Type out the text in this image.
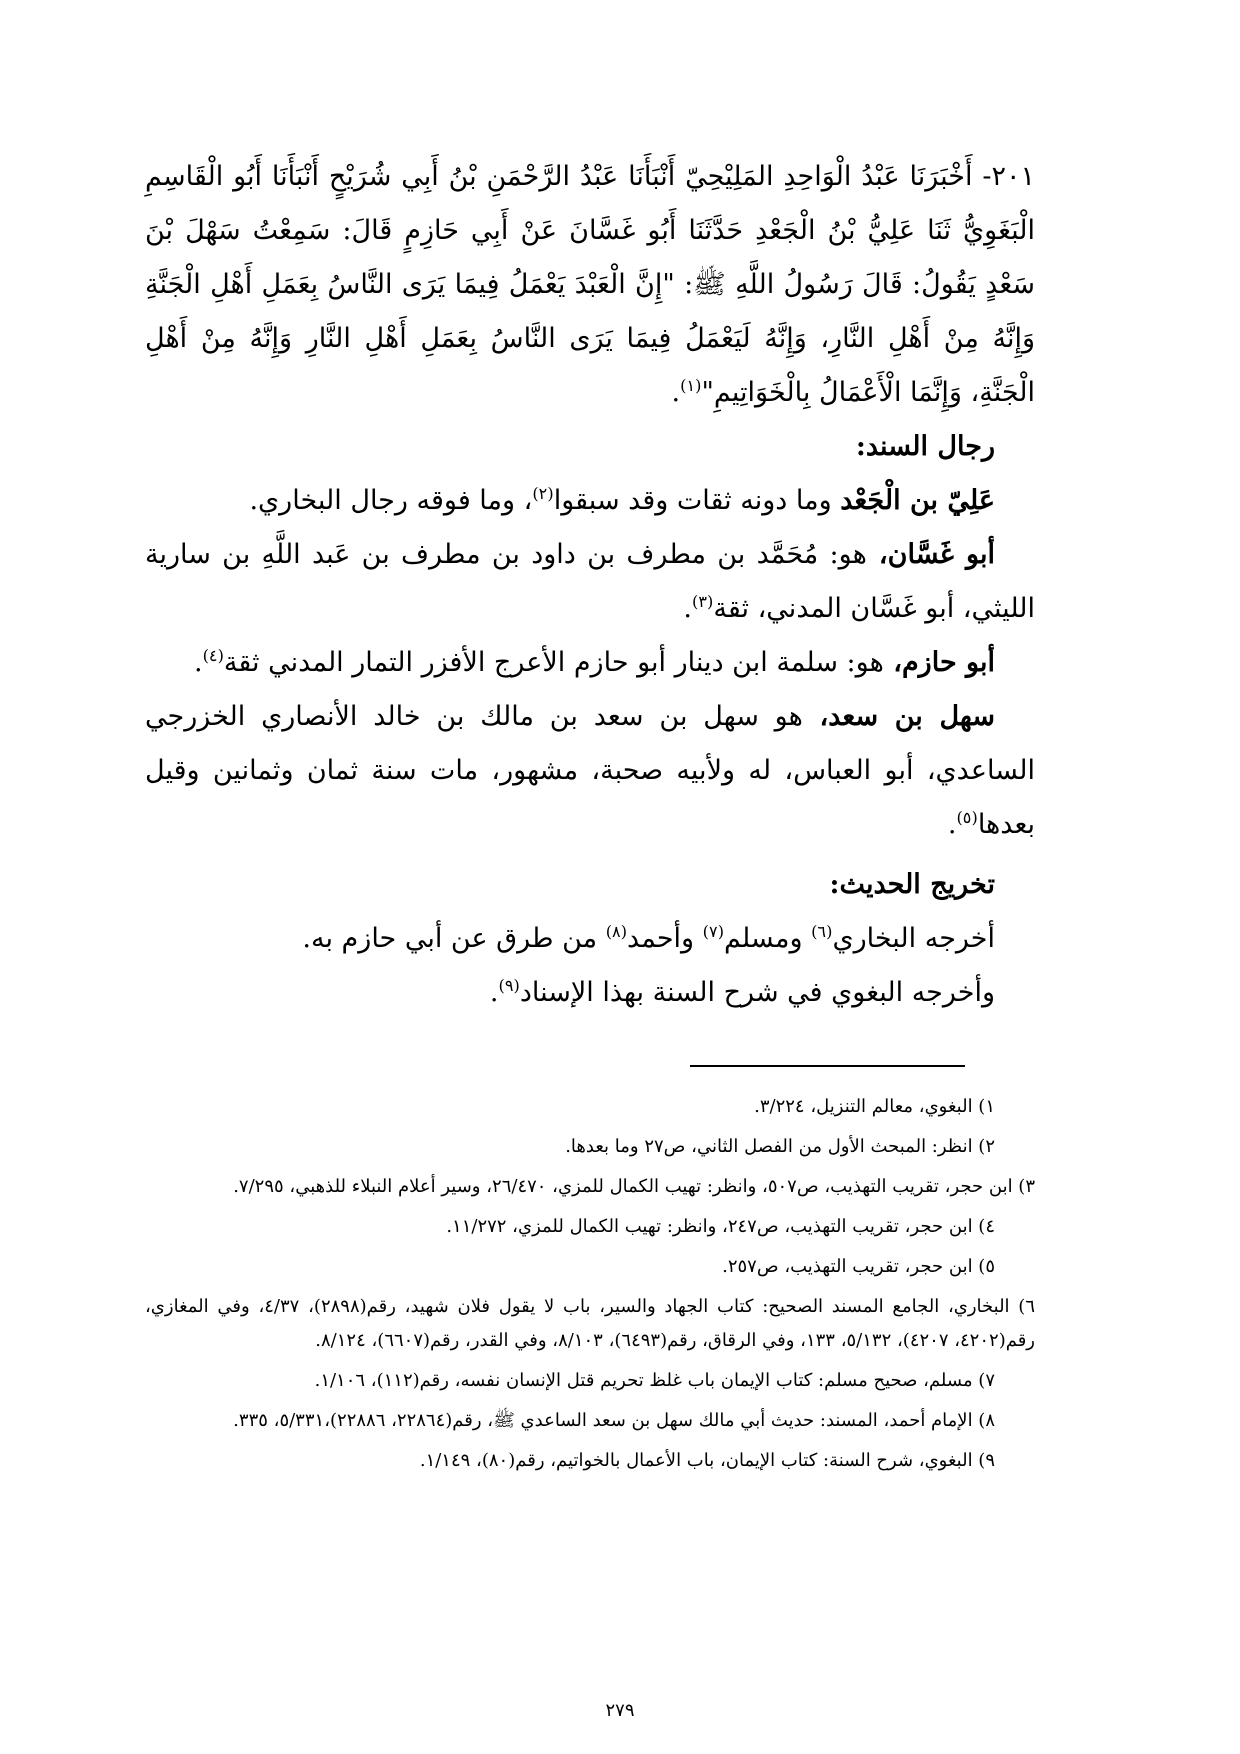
٢٠١- أَخْبَرَنَا عَبْدُ الْوَاحِدِ المَلِيْحِيّ أَنْبَأَنَا عَبْدُ الرَّحْمَنِ بْنُ أَبِي شُرَيْحٍ أَنْبَأَنَا أَبُو الْقَاسِمِ الْبَغَوِيُّ ثَنَا عَلِيُّ بْنُ الْجَعْدِ حَدَّثَنَا أَبُو غَسَّانَ عَنْ أَبِي حَازِمٍ قَالَ: سَمِعْتُ سَهْلَ بْنَ سَعْدٍ يَقُولُ: قَالَ رَسُولُ اللَّهِ ﷺ: "إِنَّ الْعَبْدَ يَعْمَلُ فِيمَا يَرَى النَّاسُ بِعَمَلِ أَهْلِ الْجَنَّةِ وَإِنَّهُ مِنْ أَهْلِ النَّارِ، وَإِنَّهُ لَيَعْمَلُ فِيمَا يَرَى النَّاسُ بِعَمَلِ أَهْلِ النَّارِ وَإِنَّهُ مِنْ أَهْلِ الْجَنَّةِ، وَإِنَّمَا الْأَعْمَالُ بِالْخَوَاتِيمِ"$^{(١)}$.

رجال السند:

عَلِيّ بن الْجَعْد وما دونه ثقات وقد سبقوا$^{(٢)}$، وما فوقه رجال البخاري.

أبو غَسَّان، هو: مُحَمَّد بن مطرف بن داود بن مطرف بن عَبد اللَّهِ بن سارية الليثي، أبو غَسَّان المدني، ثقة$^{(٣)}$.

أبو حازم، هو: سلمة ابن دينار أبو حازم الأعرج الأفزر التمار المدني ثقة$^{(٤)}$.

سهل بن سعد، هو سهل بن سعد بن مالك بن خالد الأنصاري الخزرجي الساعدي، أبو العباس، له ولأبيه صحبة، مشهور، مات سنة ثمان وثمانين وقيل بعدها$^{(٥)}$.

تخريج الحديث:

أخرجه البخاري$^{(٦)}$ ومسلم$^{(٧)}$ وأحمد$^{(٨)}$ من طرق عن أبي حازم به.

وأخرجه البغوي في شرح السنة بهذا الإسناد$^{(٩)}$.

١) البغوي، معالم التنزيل، ٣/٢٢٤.

٢) انظر: المبحث الأول من الفصل الثاني، ص٢٧ وما بعدها.

٣) ابن حجر، تقريب التهذيب، ص٥٠٧، وانظر: تهيب الكمال للمزي، ٢٦/٤٧٠، وسير أعلام النبلاء للذهبي، ٧/٢٩٥.

٤) ابن حجر، تقريب التهذيب، ص٢٤٧، وانظر: تهيب الكمال للمزي، ١١/٢٧٢.

٥) ابن حجر، تقريب التهذيب، ص٢٥٧.

٦) البخاري، الجامع المسند الصحيح: كتاب الجهاد والسير، باب لا يقول فلان شهيد، رقم(٢٨٩٨)، ٤/٣٧، وفي المغازي، رقم(٤٢٠٢، ٤٢٠٧)، ٥/١٣٢، ١٣٣، وفي الرقاق، رقم(٦٤٩٣)، ٨/١٠٣، وفي القدر، رقم(٦٦٠٧)، ٨/١٢٤.

٧) مسلم، صحيح مسلم: كتاب الإيمان باب غلظ تحريم قتل الإنسان نفسه، رقم(١١٢)، ١/١٠٦.

٨) الإمام أحمد، المسند: حديث أبي مالك سهل بن سعد الساعدي ﷺ، رقم(٢٢٨٦٤، ٢٢٨٨٦)،٥/٣٣١، ٣٣٥.

٩) البغوي، شرح السنة: كتاب الإيمان، باب الأعمال بالخواتيم، رقم(٨٠)، ١/١٤٩.

٢٧٩
